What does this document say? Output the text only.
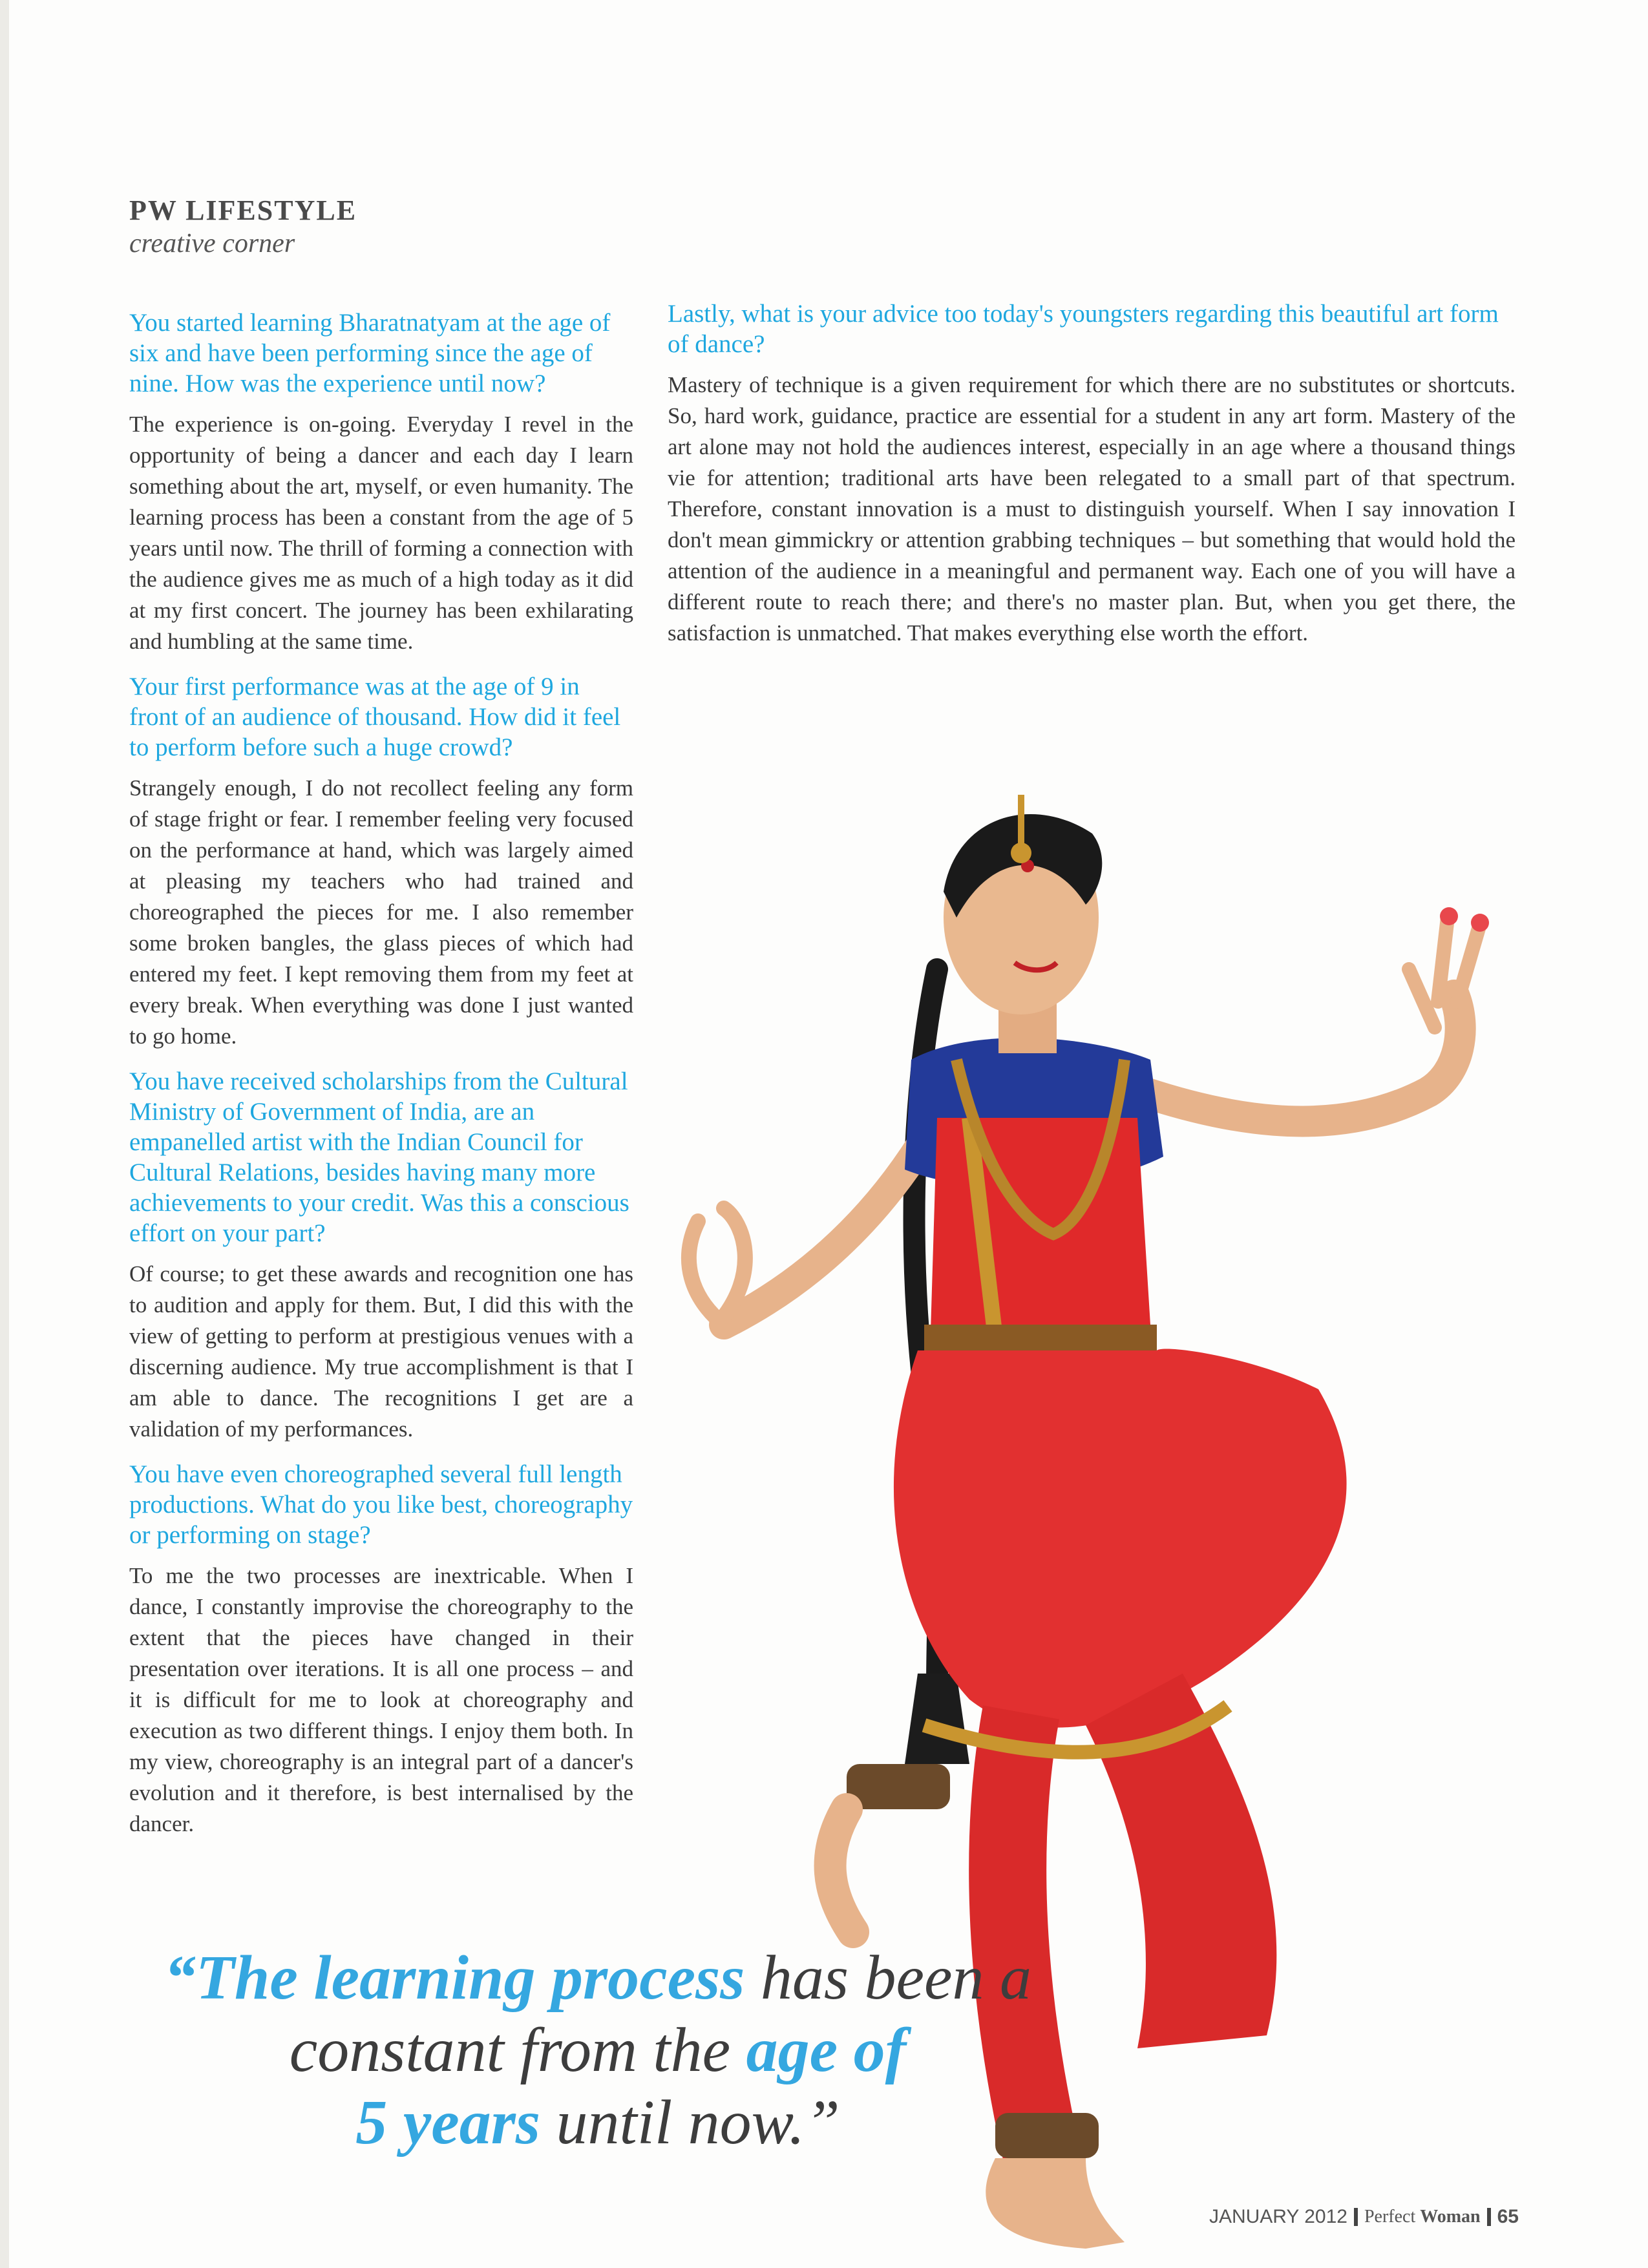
PW LIFESTYLE
creative corner

You started learning Bharatnatyam at the age of six and have been performing since the age of nine. How was the experience until now?

The experience is on-going. Everyday I revel in the opportunity of being a dancer and each day I learn something about the art, myself, or even humanity. The learning process has been a constant from the age of 5 years until now. The thrill of forming a connection with the audience gives me as much of a high today as it did at my first concert. The journey has been exhilarating and humbling at the same time.

Your first performance was at the age of 9 in front of an audience of thousand. How did it feel to perform before such a huge crowd?

Strangely enough, I do not recollect feeling any form of stage fright or fear. I remember feeling very focused on the performance at hand, which was largely aimed at pleasing my teachers who had trained and choreographed the pieces for me. I also remember some broken bangles, the glass pieces of which had entered my feet. I kept removing them from my feet at every break. When everything was done I just wanted to go home.

You have received scholarships from the Cultural Ministry of Government of India, are an empanelled artist with the Indian Council for Cultural Relations, besides having many more achievements to your credit. Was this a conscious effort on your part?

Of course; to get these awards and recognition one has to audition and apply for them. But, I did this with the view of getting to perform at prestigious venues with a discerning audience. My true accomplishment is that I am able to dance. The recognitions I get are a validation of my performances.

You have even choreographed several full length productions. What do you like best, choreography or performing on stage?

To me the two processes are inextricable. When I dance, I constantly improvise the choreography to the extent that the pieces have changed in their presentation over iterations. It is all one process – and it is difficult for me to look at choreography and execution as two different things. I enjoy them both. In my view, choreography is an integral part of a dancer's evolution and it therefore, is best internalised by the dancer.

Lastly, what is your advice too today's youngsters regarding this beautiful art form of dance?

Mastery of technique is a given requirement for which there are no substitutes or shortcuts. So, hard work, guidance, practice are essential for a student in any art form. Mastery of the art alone may not hold the audiences interest, especially in an age where a thousand things vie for attention; traditional arts have been relegated to a small part of that spectrum. Therefore, constant innovation is a must to distinguish yourself. When I say innovation I don't mean gimmickry or attention grabbing techniques – but something that would hold the attention of the audience in a meaningful and permanent way. Each one of you will have a different route to reach there; and there's no master plan. But, when you get there, the satisfaction is unmatched. That makes everything else worth the effort.

“The learning process has been a
constant from the age of
5 years until now.”
JANUARY 2012 Perfect Woman 65
